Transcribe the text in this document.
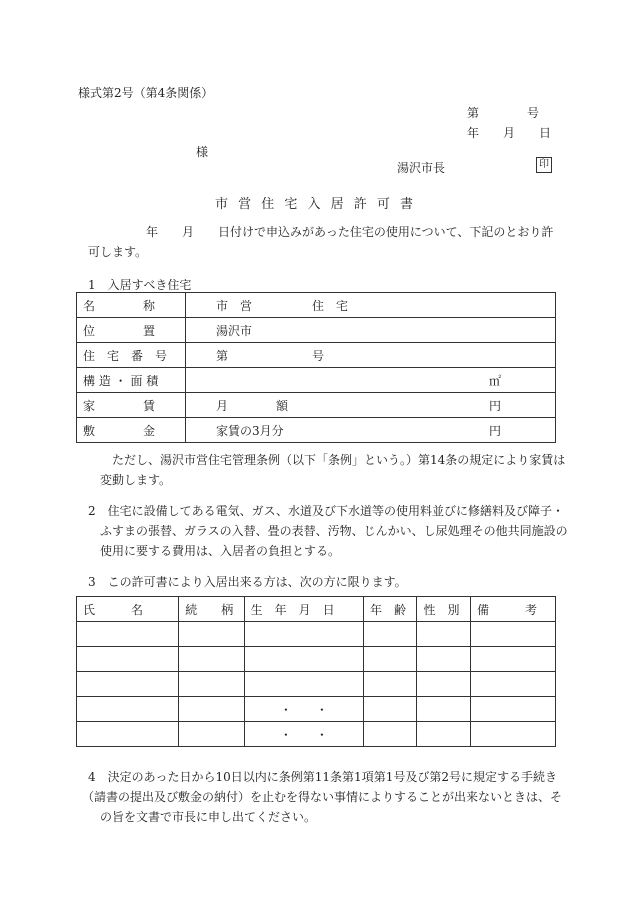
様式第2号（第4条関係）
第　　　　号
年　　月　　日
様
湯沢市長	印
市 営 住 宅 入 居 許 可 書
年　　月　　日付けで申込みがあった住宅の使用について、下記のとおり許
可します。
1　入居すべき住宅
名　　　　称	市　営　　　　　住　宅	
位　　　　置	湯沢市	
住　宅　番　号	第　　　　　　　号	
構 造 ・ 面 積		㎡
家　　　　賃	月　　　　額	円
敷　　　　金	家賃の3月分	円
ただし、湯沢市営住宅管理条例（以下「条例」という。）第14条の規定により家賃は
変動します。
2　住宅に設備してある電気、ガス、水道及び下水道等の使用料並びに修繕料及び障子・
ふすまの張替、ガラスの入替、畳の表替、汚物、じんかい、し尿処理その他共同施設の
使用に要する費用は、入居者の負担とする。
3　この許可書により入居出来る方は、次の方に限ります。
氏　　　名	続　　柄	生　年　月　日	年　齢	性　別	備　　　考

		・　　・			
		・　　・			
4　決定のあった日から10日以内に条例第11条第1項第1号及び第2号に規定する手続き
（請書の提出及び敷金の納付）を止むを得ない事情によりすることが出来ないときは、そ
の旨を文書で市長に申し出てください。
